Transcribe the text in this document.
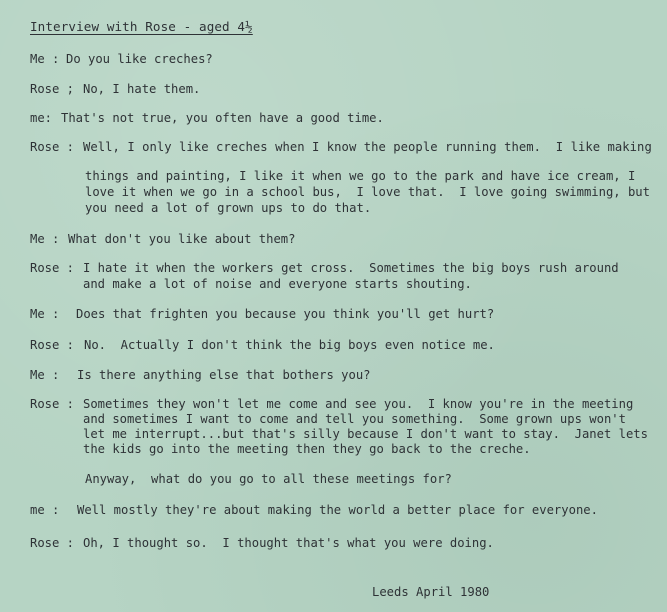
Interview with Rose - aged 4½
Me : Do you like creches?
Rose ; No, I hate them.
me: That's not true, you often have a good time.
Rose : Well, I only like creches when I know the people running them.  I like making
things and painting, I like it when we go to the park and have ice cream, I
love it when we go in a school bus,  I love that.  I love going swimming, but
you need a lot of grown ups to do that.
Me : What don't you like about them?
Rose : I hate it when the workers get cross.  Sometimes the big boys rush around
and make a lot of noise and everyone starts shouting.
Me : Does that frighten you because you think you'll get hurt?
Rose : No.  Actually I don't think the big boys even notice me.
Me : Is there anything else that bothers you?
Rose : Sometimes they won't let me come and see you.  I know you're in the meeting
and sometimes I want to come and tell you something.  Some grown ups won't
let me interrupt...but that's silly because I don't want to stay.  Janet lets
the kids go into the meeting then they go back to the creche.
Anyway,  what do you go to all these meetings for?
me : Well mostly they're about making the world a better place for everyone.
Rose : Oh, I thought so.  I thought that's what you were doing.
Leeds April 1980
